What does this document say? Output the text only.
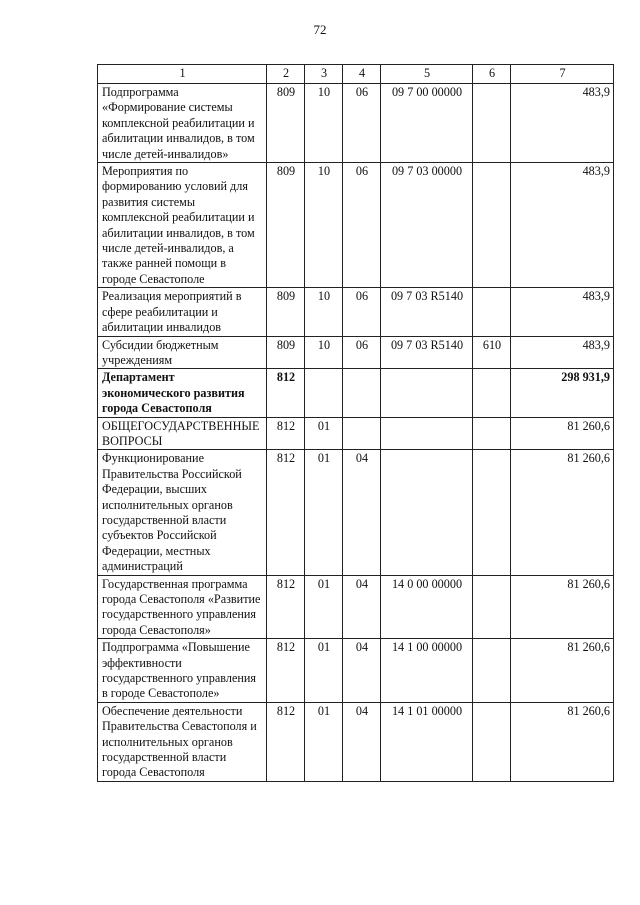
72
1	2	3	4	5	6	7
Подпрограмма «Формирование системы комплексной реабилитации и абилитации инвалидов, в том числе детей-инвалидов»	809	10	06	09 7 00 00000		483,9
Мероприятия по формированию условий для развития системы комплексной реабилитации и абилитации инвалидов, в том числе детей-инвалидов, а также ранней помощи в городе Севастополе	809	10	06	09 7 03 00000		483,9
Реализация мероприятий в сфере реабилитации и абилитации инвалидов	809	10	06	09 7 03 R5140		483,9
Субсидии бюджетным учреждениям	809	10	06	09 7 03 R5140	610	483,9
Департамент экономического развития города Севастополя	812					298 931,9
ОБЩЕГОСУДАРСТВЕННЫЕ ВОПРОСЫ	812	01				81 260,6
Функционирование Правительства Российской Федерации, высших исполнительных органов государственной власти субъектов Российской Федерации, местных администраций	812	01	04			81 260,6
Государственная программа города Севастополя «Развитие государственного управления города Севастополя»	812	01	04	14 0 00 00000		81 260,6
Подпрограмма «Повышение эффективности государственного управления в городе Севастополе»	812	01	04	14 1 00 00000		81 260,6
Обеспечение деятельности Правительства Севастополя и исполнительных органов государственной власти города Севастополя	812	01	04	14 1 01 00000		81 260,6
